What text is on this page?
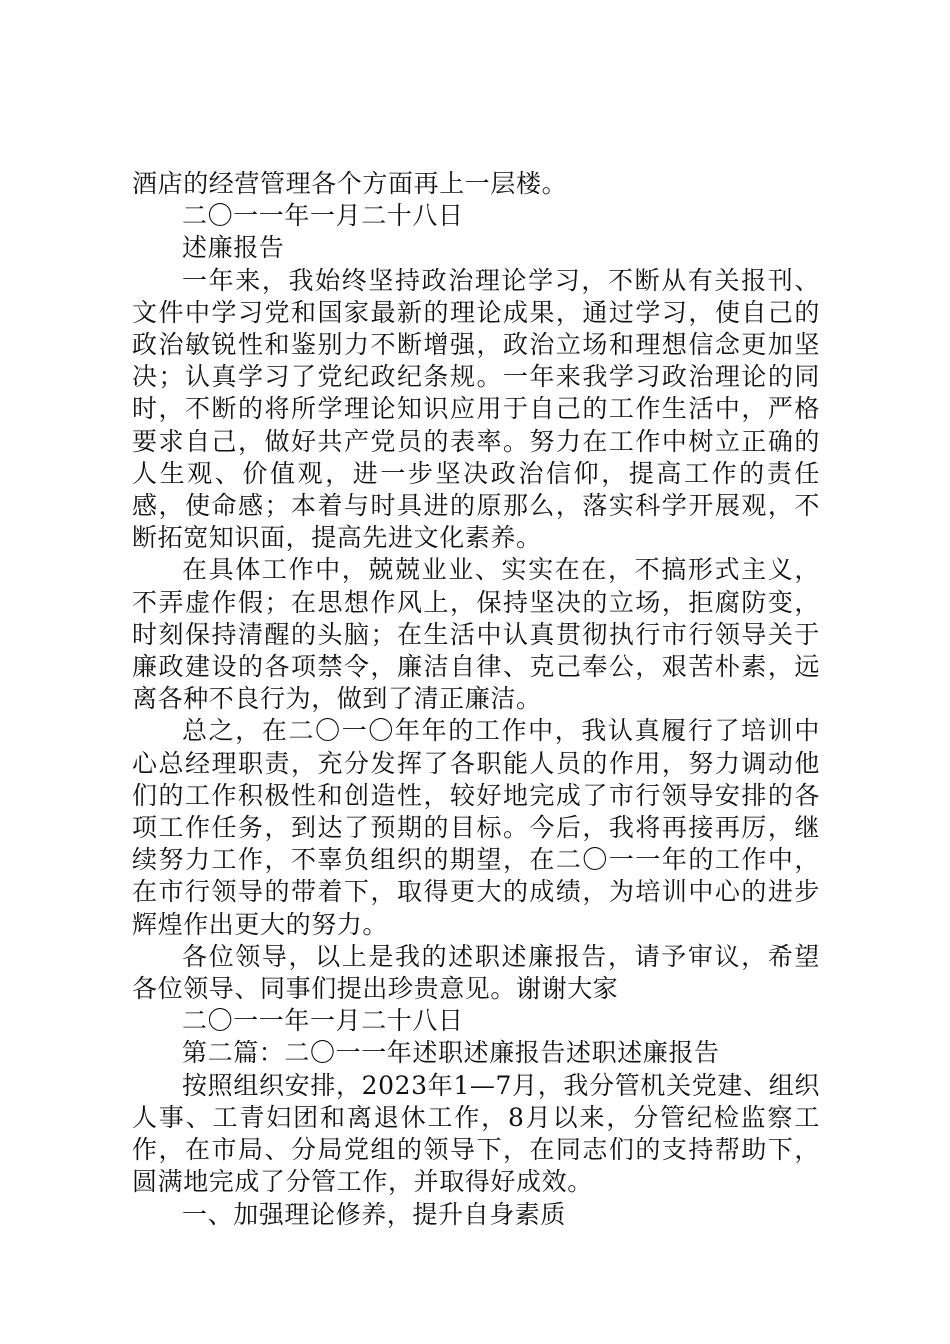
酒店的经营管理各个方面再上一层楼。

二〇一一年一月二十八日

述廉报告

一年来，我始终坚持政治理论学习，不断从有关报刊、文件中学习党和国家最新的理论成果，通过学习，使自己的政治敏锐性和鉴别力不断增强，政治立场和理想信念更加坚决；认真学习了党纪政纪条规。一年来我学习政治理论的同时，不断的将所学理论知识应用于自己的工作生活中，严格要求自己，做好共产党员的表率。努力在工作中树立正确的人生观、价值观，进一步坚决政治信仰，提高工作的责任感，使命感；本着与时具进的原那么，落实科学开展观，不断拓宽知识面，提高先进文化素养。

在具体工作中，兢兢业业、实实在在，不搞形式主义，不弄虚作假；在思想作风上，保持坚决的立场，拒腐防变，时刻保持清醒的头脑；在生活中认真贯彻执行市行领导关于廉政建设的各项禁令，廉洁自律、克己奉公，艰苦朴素，远离各种不良行为，做到了清正廉洁。

总之，在二〇一〇年年的工作中，我认真履行了培训中心总经理职责，充分发挥了各职能人员的作用，努力调动他们的工作积极性和创造性，较好地完成了市行领导安排的各项工作任务，到达了预期的目标。今后，我将再接再厉，继续努力工作，不辜负组织的期望，在二〇一一年的工作中，在市行领导的带着下，取得更大的成绩，为培训中心的进步辉煌作出更大的努力。

各位领导，以上是我的述职述廉报告，请予审议，希望各位领导、同事们提出珍贵意见。谢谢大家

二〇一一年一月二十八日

第二篇：二〇一一年述职述廉报告述职述廉报告

按照组织安排，2023年1—7月，我分管机关党建、组织人事、工青妇团和离退休工作，8月以来，分管纪检监察工作，在市局、分局党组的领导下，在同志们的支持帮助下，圆满地完成了分管工作，并取得好成效。

一、加强理论修养，提升自身素质
